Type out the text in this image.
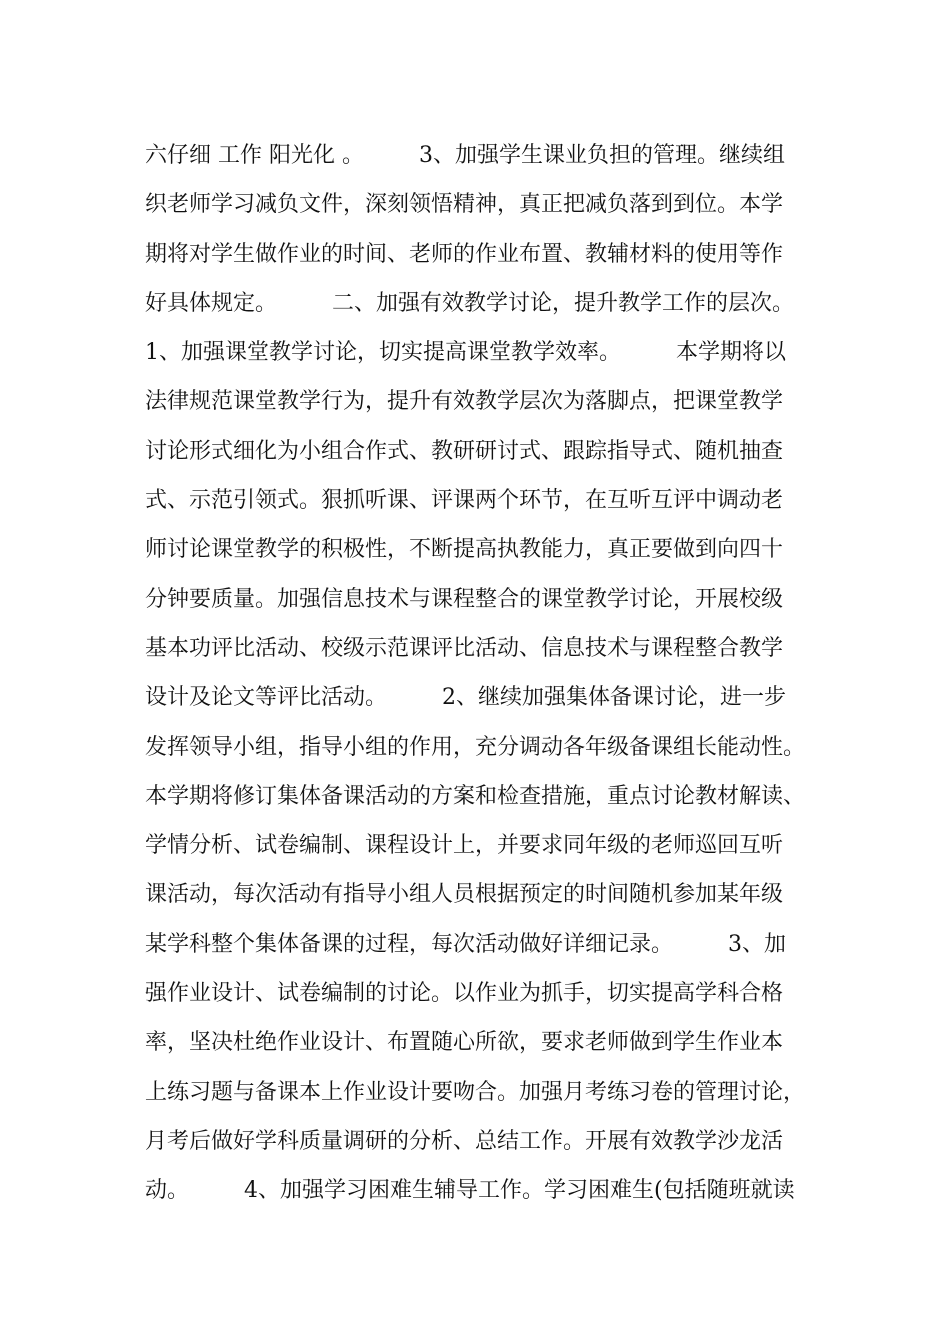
六仔细 工作 阳光化 。　　　3、加强学生课业负担的管理。继续组
织老师学习减负文件，深刻领悟精神，真正把减负落到到位。本学
期将对学生做作业的时间、老师的作业布置、教辅材料的使用等作
好具体规定。　　　二、加强有效教学讨论，提升教学工作的层次。
1、加强课堂教学讨论，切实提高课堂教学效率。　　　本学期将以
法律规范课堂教学行为，提升有效教学层次为落脚点，把课堂教学
讨论形式细化为小组合作式、教研研讨式、跟踪指导式、随机抽查
式、示范引领式。狠抓听课、评课两个环节，在互听互评中调动老
师讨论课堂教学的积极性，不断提高执教能力，真正要做到向四十
分钟要质量。加强信息技术与课程整合的课堂教学讨论，开展校级
基本功评比活动、校级示范课评比活动、信息技术与课程整合教学
设计及论文等评比活动。　　　2、继续加强集体备课讨论，进一步
发挥领导小组，指导小组的作用，充分调动各年级备课组长能动性。
本学期将修订集体备课活动的方案和检查措施，重点讨论教材解读、
学情分析、试卷编制、课程设计上，并要求同年级的老师巡回互听
课活动，每次活动有指导小组人员根据预定的时间随机参加某年级
某学科整个集体备课的过程，每次活动做好详细记录。　　　3、加
强作业设计、试卷编制的讨论。以作业为抓手，切实提高学科合格
率，坚决杜绝作业设计、布置随心所欲，要求老师做到学生作业本
上练习题与备课本上作业设计要吻合。加强月考练习卷的管理讨论，
月考后做好学科质量调研的分析、总结工作。开展有效教学沙龙活
动。　　　4、加强学习困难生辅导工作。学习困难生(包括随班就读
